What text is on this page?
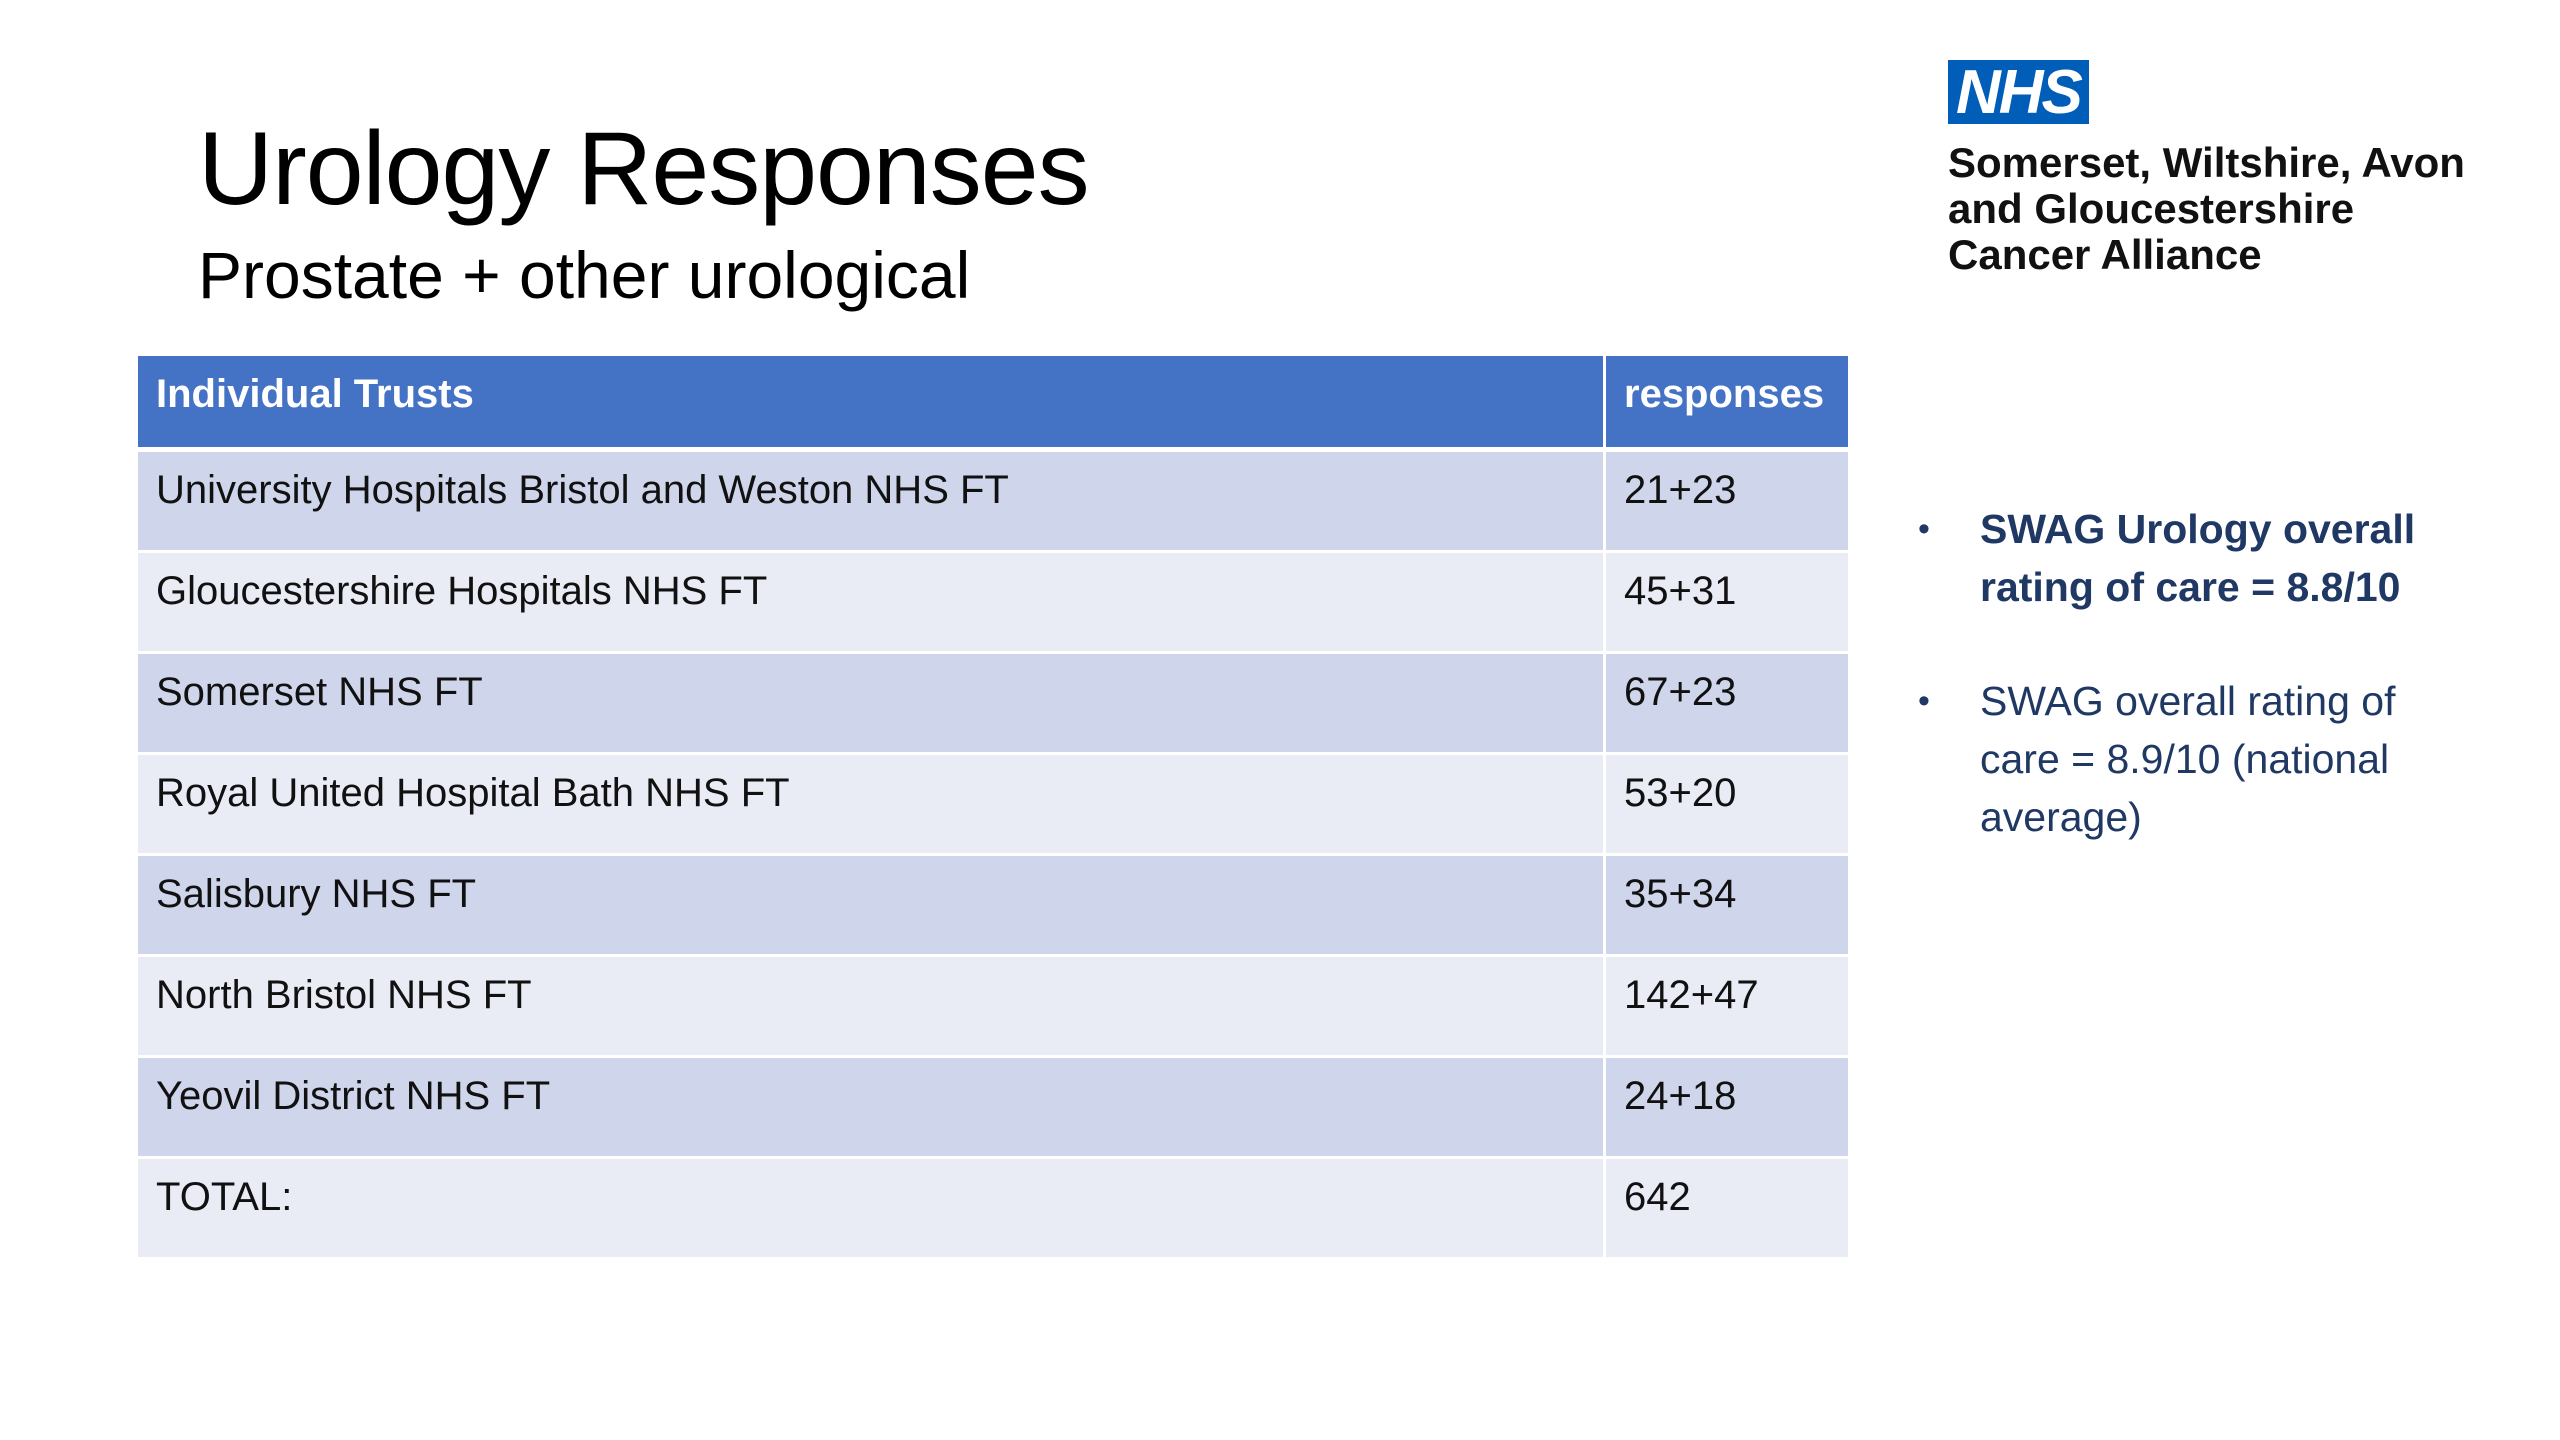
Urology Responses
Prostate + other urological
NHS
Somerset, Wiltshire, Avon
and Gloucestershire
Cancer Alliance
Individual Trusts	responses
University Hospitals Bristol and Weston NHS FT	21+23
Gloucestershire Hospitals NHS FT	45+31
Somerset NHS FT	67+23
Royal United Hospital Bath NHS FT	53+20
Salisbury NHS FT	35+34
North Bristol NHS FT	142+47
Yeovil District NHS FT	24+18
TOTAL:	642
• SWAG Urology overall rating of care = 8.8/10
• SWAG overall rating of care = 8.9/10 (national average)
